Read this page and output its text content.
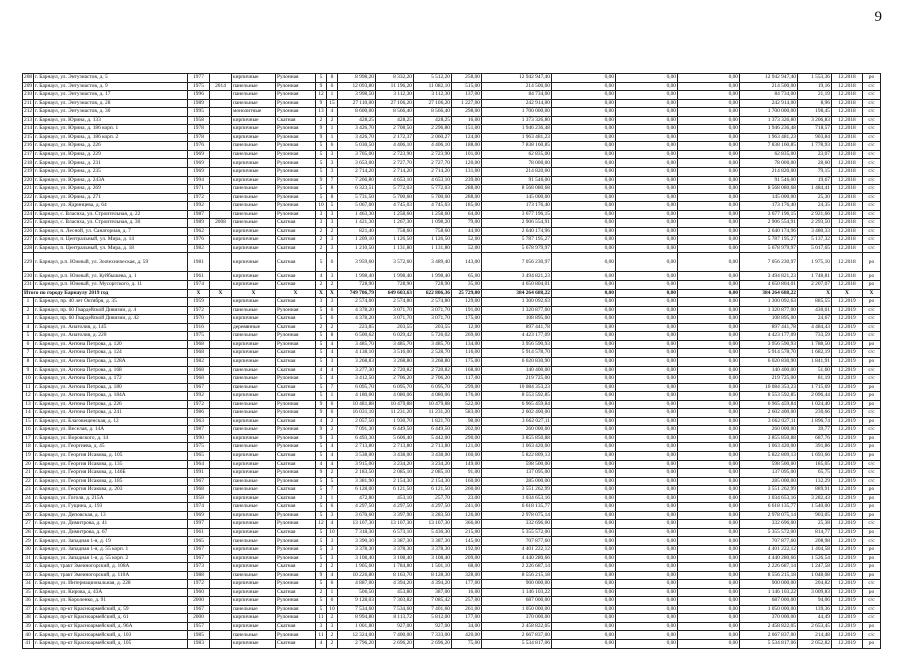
9
208	г. Барнаул, ул. Энтузиастов, д. 5	1977		кирпичные	Рулонная	5	8	8 998,20	8 332,20	5 512,20	258,00	12 942 947,40	0,00	0,00	0,00	12 942 947,40	1 553,36	12.2018	ро
209	г. Барнаул, ул. Энтузиастов, д. 9	1975	2014	панельные	Рулонная	9	6	12 093,80	11 196,20	11 082,10	515,00	214 500,00	0,00	0,00	0,00	214 500,00	19,16	12.2018	с/с
210	г. Барнаул, ул. Энтузиастов, д. 17	1996		панельные	Рулонная	12	1	3 998,50	3 112,30	3 112,30	137,00	84 734,00	0,00	0,00	0,00	84 734,00	21,19	12.2018	с/с
211	г. Барнаул, ул. Энтузиастов, д. 28	1989		панельные	Рулонная	9	15	27 110,00	27 106,20	27 106,20	1 227,00	242 914,00	0,00	0,00	0,00	242 914,00	8,96	12.2018	с/с
212	г. Барнаул, ул. Энтузиастов, д. 30	1995		монолитные	Рулонная	13	4	8 600,00	8 566,40	8 566,40	298,00	1 700 000,00	0,00	0,00	0,00	1 700 000,00	198,45	12.2018	с/с
213	г. Барнаул, ул. Юрина, д. 133	1958		кирпичные	Скатная	2	2	428,25	428,25	428,25	16,00	1 373 326,80	0,00	0,00	0,00	1 373 326,80	3 206,83	12.2018	с/с
214	г. Барнаул, ул. Юрина, д. 186 корп. 1	1978		кирпичные	Рулонная	9	1	3 426,70	2 708,50	2 296,80	151,00	1 946 236,48	0,00	0,00	0,00	1 946 236,48	718,57	12.2018	с/с
215	г. Барнаул, ул. Юрина, д. 186 корп. 2	1978		кирпичные	Рулонная	9	1	3 426,70	2 172,37	2 060,27	124,00	1 963 481,23	0,00	0,00	0,00	1 963 481,23	903,84	12.2018	с/с
216	г. Барнаул, ул. Юрина, д. 226	1976		панельные	Рулонная	5	6	5 030,50	4 406,10	4 406,10	188,00	7 838 160,85	0,00	0,00	0,00	7 838 160,85	1 778,93	12.2018	с/с
217	г. Барнаул, ул. Юрина, д. 229	1969		панельные	Рулонная	5	3	3 705,00	2 723,90	2 723,90	101,00	62 835,00	0,00	0,00	0,00	62 835,00	23,07	12.2018	с/с
218	г. Барнаул, ул. Юрина, д. 231	1969		кирпичные	Рулонная	5	3	3 653,00	2 727,70	2 727,70	120,00	78 000,00	0,00	0,00	0,00	78 000,00	28,60	12.2018	с/с
219	г. Барнаул, ул. Юрина, д. 235	1969		кирпичные	Рулонная	5	3	2 714,20	2 714,20	2 714,20	131,00	214 820,00	0,00	0,00	0,00	214 820,00	79,15	12.2018	с/с
220	г. Барнаул, ул. Юрина, д. 243А	1994		кирпичные	Рулонная	9	7	7 260,80	4 653,10	4 653,10	239,00	91 546,00	0,00	0,00	0,00	91 546,00	19,67	12.2018	с/с
221	г. Барнаул, ул. Юрина, д. 269	1971		панельные	Рулонная	5	8	6 323,51	5 772,03	5 772,03	288,00	8 568 080,68	0,00	0,00	0,00	8 568 080,68	1 484,41	12.2018	с/с
222	г. Барнаул, ул. Юрина, д. 271	1972		панельные	Рулонная	5	8	5 731,50	5 700,60	5 700,60	288,00	145 000,00	0,00	0,00	0,00	145 000,00	25,30	12.2018	с/с
223	г. Барнаул, ул. Ядринцева, д. 64	1992		панельные	Рулонная	10	5	5 067,00	4 745,03	4 745,03	185,00	173 176,40	0,00	0,00	0,00	173 176,40	24,35	12.2018	с/с
224	г. Барнаул, с. Власиха, ул. Строительная, д. 22	1987		панельные	Рулонная	3	3	1 463,30	1 258,60	1 258,60	64,00	3 677 196,15	0,00	0,00	0,00	3 677 196,15	2 921,66	12.2018	с/с
225	г. Барнаул, с. Власиха, ул. Строительная, д. 30	1989	2008	панельные	Скатная	3	3	1 421,30	1 267,30	1 098,20	79,00	2 906 554,91	0,00	0,00	0,00	2 906 554,91	2 293,50	12.2018	с/с
226	г. Барнаул, п. Лесной, ул. Санаторная, д. 7	1962		кирпичные	Скатная	2	2	821,40	758,60	758,60	44,00	2 640 174,96	0,00	0,00	0,00	2 640 174,96	3 480,33	12.2018	с/с
227	г. Барнаул, п. Центральный, ул. Мира, д. 14	1976		кирпичные	Скатная	2	3	1 209,10	1 126,50	1 126,50	52,00	5 787 195,27	0,00	0,00	0,00	5 787 195,27	5 137,32	12.2018	с/с
228	г. Барнаул, п. Центральный, ул. Мира, д. 18	1982		кирпичные	Скатная	2	3	1 210,50	1 131,80	1 131,80	52,00	5 678 979,97	0,00	0,00	0,00	5 678 979,97	5 017,65	12.2018	с/с
229	г. Барнаул, р.п. Южный, ул. Зootехническая, д. 59	1981		кирпичные	Скатная	5	6	3 959,60	3 572,60	3 489,40	143,00	7 056 230,97	0,00	0,00	0,00	7 056 230,97	1 975,10	12.2018	ро
230	г. Барнаул, р.п. Южный, ул. Куйбышева, д. 1	1961		кирпичные	Скатная	4	3	1 998,40	1 998,40	1 998,40	65,00	3 494 821,23	0,00	0,00	0,00	3 494 821,23	1 748,81	12.2018	ро
231	г. Барнаул, р.п. Южный, ул. Мусоргского, д. 11	1974		кирпичные	Скатная	2	2	728,90	728,90	728,90	35,00	4 650 804,01	0,00	0,00	0,00	4 650 804,01	2 207,07	12.2018	ро
Итого по городу Барнаулу 2019 год		X	X	X	X	X	X	749 706,79	649 603,63	622 806,36	25 729,00	384 264 688,22	0,00	0,00	0,00	384 264 688,22	X	X	X
1	г. Барнаул, пр. 40 лет Октября, д. 35	1959		кирпичные	Скатная	3	3	2 574,00	2 574,80	2 574,80	129,00	1 300 092,63	0,00	0,00	0,00	1 300 092,63	885,55	12.2019	ро
2	г. Барнаул, пр. 60 Гвардейской Дивизии, д. 4	1972		панельные	Рулонная	5	6	4 378,20	3 071,70	3 071,70	191,00	1 320 877,00	0,00	0,00	0,00	1 320 877,00	430,01	12.2019	с/с
3	г. Барнаул, пр. 60 Гвардейской Дивизии, д. 42	1970		кирпичные	Скатная	5	6	4 378,20	3 071,70	3 071,70	175,00	108 895,00	0,00	0,00	0,00	108 895,00	24,67	12.2019	с/с
4	г. Барнаул, ул. Анатолия, д. 145	1916		деревянные	Скатная	2	2	223,85	203,55	203,55	12,00	897 441,78	0,00	0,00	0,00	897 441,78	4 484,43	12.2019	с/с
5	г. Барнаул, ул. Анатолия, д. 220	1975		панельные	Рулонная	5	8	6 500,62	6 029,42	5 726,02	269,00	4 423 177,09	0,00	0,00	0,00	4 423 177,09	733,59	12.2019	с/с
6	г. Барнаул, ул. Антона Петрова, д. 120	1968		кирпичные	Рулонная	5	4	3 485,70	3 485,70	3 485,70	134,00	3 956 590,93	0,00	0,00	0,00	3 956 590,93	1 788,50	12.2019	ро
7	г. Барнаул, ул. Антона Петрова, д. 124	1968		кирпичные	Скатная	5	4	4 138,10	3 516,00	2 528,70	116,00	5 914 578,70	0,00	0,00	0,00	5 914 578,70	1 682,19	12.2019	с/с
8	г. Барнаул, ул. Антона Петрова, д. 128А	1982		кирпичные	Скатная	5	3	3 268,83	3 268,80	3 268,80	175,00	6 020 830,90	0,00	0,00	0,00	6 020 830,90	1 841,91	12.2019	ро
9	г. Барнаул, ул. Антона Петрова, д. 168	1968		панельные	Скатная	4	4	3 277,30	2 720,82	2 720,82	168,00	140 400,00	0,00	0,00	0,00	140 400,00	51,60	12.2019	с/с
10	г. Барнаул, ул. Антона Петрова, д. 172	1968		панельные	Рулонная	5	4	3 412,50	2 706,20	2 706,20	117,00	219 725,00	0,00	0,00	0,00	219 725,00	81,19	12.2019	с/с
11	г. Барнаул, ул. Антона Петрова, д. 180	1967		панельные	Скатная	5	7	6 095,70	6 095,70	6 095,70	299,00	10 084 353,23	0,00	0,00	0,00	10 084 353,23	1 715,69	12.2019	ро
12	г. Барнаул, ул. Антона Петрова, д. 184А	1992		кирпичные	Скатная	5	1	4 180,00	4 080,06	4 080,06	176,00	8 553 592,85	0,00	0,00	0,00	8 553 592,85	2 096,44	12.2019	ро
13	г. Барнаул, ул. Антона Петрова, д. 226	1972		панельные	Рулонная	9	6	10 481,88	10 479,88	10 479,88	522,00	6 965 459,84	0,00	0,00	0,00	6 965 459,84	1 024,40	12.2019	ро
14	г. Барнаул, ул. Антона Петрова, д. 241	1986		панельные	Рулонная	9	6	16 031,10	11 231,20	11 231,20	583,00	2 602 400,00	0,00	0,00	0,00	2 602 400,00	230,66	12.2019	с/с
15	г. Барнаул, ул. Благовещенская, д. 12	1963		кирпичные	Скатная	4	2	2 057,50	1 930,70	1 821,70	98,00	3 662 027,11	0,00	0,00	0,00	3 662 027,11	1 896,74	12.2019	ро
16	г. Барнаул, ул. Веселая, д. 14А	1987		панельные	Рулонная	9	2	7 091,30	6 449,50	6 449,50	202,00	260 000,00	0,00	0,00	0,00	260 000,00	39,77	12.2019	с/с
17	г. Барнаул, ул. Воровского, д. 14	1990		кирпичные	Рулонная	9	3	6 493,30	5 606,40	5 442,00	290,00	3 855 850,88	0,00	0,00	0,00	3 855 850,88	687,76	12.2019	ро
18	г. Барнаул, ул. Георгиева, д. 45	1975		панельные	Рулонная	5	4	2 713,80	2 713,80	2 713,80	121,00	1 063 420,00	0,00	0,00	0,00	1 063 420,00	391,86	12.2019	ро
19	г. Барнаул, ул. Георгия Исакова, д. 105	1965		кирпичные	Скатная	5	4	3 538,00	3 438,00	3 438,00	160,00	5 822 809,13	0,00	0,00	0,00	5 822 809,13	1 693,66	12.2019	ро
20	г. Барнаул, ул. Георгия Исакова, д. 135	1964		кирпичные	Скатная	4	4	3 915,00	3 234,20	3 234,20	149,00	598 500,00	0,00	0,00	0,00	598 500,00	185,05	12.2019	с/с
21	г. Барнаул, ул. Георгия Исакова, д. 146Б	1991		кирпичные	Рулонная	9	2	2 183,50	2 085,10	2 085,10	91,00	137 095,00	0,00	0,00	0,00	137 095,00	65,75	12.2019	с/с
22	г. Барнаул, ул. Георгия Исакова, д. 185	1967		панельные	Рулонная	5	5	3 381,90	2 154,30	2 154,30	160,00	285 000,00	0,00	0,00	0,00	285 000,00	132,29	12.2019	с/с
23	г. Барнаул, ул. Георгия Исакова, д. 203	1968		панельные	Скатная	5	7	6 128,00	6 121,50	6 121,50	260,00	3 551 262,99	0,00	0,00	0,00	3 551 262,99	889,91	12.2019	ро
24	г. Барнаул, ул. Гоголя, д. 215А	1958		кирпичные	Скатная	3	1	472,80	453,10	257,70	23,00	1 034 653,16	0,00	0,00	0,00	1 034 653,16	3 282,43	12.2019	ро
25	г. Барнаул, ул. Гущина, д. 193	1974		панельные	Скатная	5	6	4 297,50	4 297,50	4 297,50	241,00	6 618 135,77	0,00	0,00	0,00	6 618 135,77	1 540,00	12.2019	ро
26	г. Барнаул, ул. Деповская, д. 13	1969		кирпичные	Рулонная	5	3	3 670,60	3 397,90	3 283,50	126,00	2 978 075,14	0,00	0,00	0,00	2 978 075,14	903,05	12.2019	ро
27	г. Барнаул, ул. Димитрова, д. 41	1997		кирпичные	Рулонная	12	4	13 107,30	13 107,30	13 107,30	366,00	332 696,00	0,00	0,00	0,00	332 696,00	25,38	12.2019	с/с
28	г. Барнаул, ул. Димитрова, д. 67	1961		кирпичные	Скатная	5	10	7 318,30	6 573,10	5 436,30	215,00	5 355 572,00	0,00	0,00	0,00	5 355 572,00	814,77	12.2019	ро
29	г. Барнаул, ул. Западная 1-я, д. 19	1965		панельные	Рулонная	5	3	3 390,30	3 387,30	3 387,30	145,00	707 877,60	0,00	0,00	0,00	707 877,60	208,98	12.2019	с/с
30	г. Барнаул, ул. Западная 1-я, д. 55 корп. 1	1967		кирпичные	Рулонная	5	3	3 378,30	3 378,30	3 378,30	192,00	4 401 222,12	0,00	0,00	0,00	4 401 222,12	1 404,58	12.2019	ро
31	г. Барнаул, ул. Западная 1-я, д. 55 корп. 2	1967		кирпичные	Рулонная	5	3	3 108,40	3 108,40	3 108,40	209,00	4 440 280,66	0,00	0,00	0,00	4 440 280,66	1 526,54	12.2019	ро
32	г. Барнаул, тракт Змеиногорский, д. 108А	1973		кирпичные	Скатная	2	2	1 905,60	1 784,80	1 501,10	68,00	2 226 687,14	0,00	0,00	0,00	2 226 687,14	1 247,58	12.2019	ро
33	г. Барнаул, тракт Змеиногорский, д. 110А	1988		панельные	Рулонная	9	4	10 226,80	8 163,70	8 128,30	328,00	8 556 215,18	0,00	0,00	0,00	8 556 215,18	1 048,08	12.2019	ро
34	г. Барнаул, ул. Интернациональная, д. 228	1972		кирпичные	Рулонная	5	6	4 887,00	4 394,20	4 394,20	177,00	900 000,00	0,00	0,00	0,00	900 000,00	204,82	12.2019	с/с
35	г. Барнаул, ул. Кирова, д. 43А	1960		кирпичные	Скатная	2	1	506,50	453,80	387,00	16,00	1 146 103,22	0,00	0,00	0,00	1 146 103,22	3 009,83	12.2019	ро
36	г. Барнаул, ул. Короленко, д. 91	2000		кирпичные	Рулонная	5	6	9 128,03	7 303,82	7 085,42	257,00	687 000,00	0,00	0,00	0,00	687 000,00	94,06	12.2019	с/с
37	г. Барнаул, пр-кт Красноармейский, д. 59	1967		панельные	Рулонная	5	10	7 534,60	7 534,60	7 401,60	261,00	1 050 000,00	0,00	0,00	0,00	1 050 000,00	139,36	12.2019	с/с
38	г. Барнаул, пр-кт Красноармейский, д. 61	2000		кирпичные	Рулонная	11	2	8 994,80	8 113,72	5 812,00	177,00	370 000,00	0,00	0,00	0,00	370 000,00	44,49	12.2019	с/с
39	г. Барнаул, пр-кт Красноармейский, д. 96А	1957		кирпичные	Скатная	3	3	1 001,80	927,00	927,00	34,00	2 458 822,05	0,00	0,00	0,00	2 458 822,05	2 653,45	12.2019	ро
40	г. Барнаул, пр-кт Красноармейский, д. 103	1985		панельные	Рулонная	11	2	12 324,00	7 400,00	7 333,00	420,00	2 667 837,00	0,00	0,00	0,00	2 667 837,00	214,48	12.2019	с/с
41	г. Барнаул, пр-кт Красноармейский, д. 105	1983		кирпичные	Скатная	4	2	2 796,20	2 696,20	2 696,20	75,00	5 534 817,06	0,00	0,00	0,00	5 534 817,06	2 052,82	12.2019	ро
